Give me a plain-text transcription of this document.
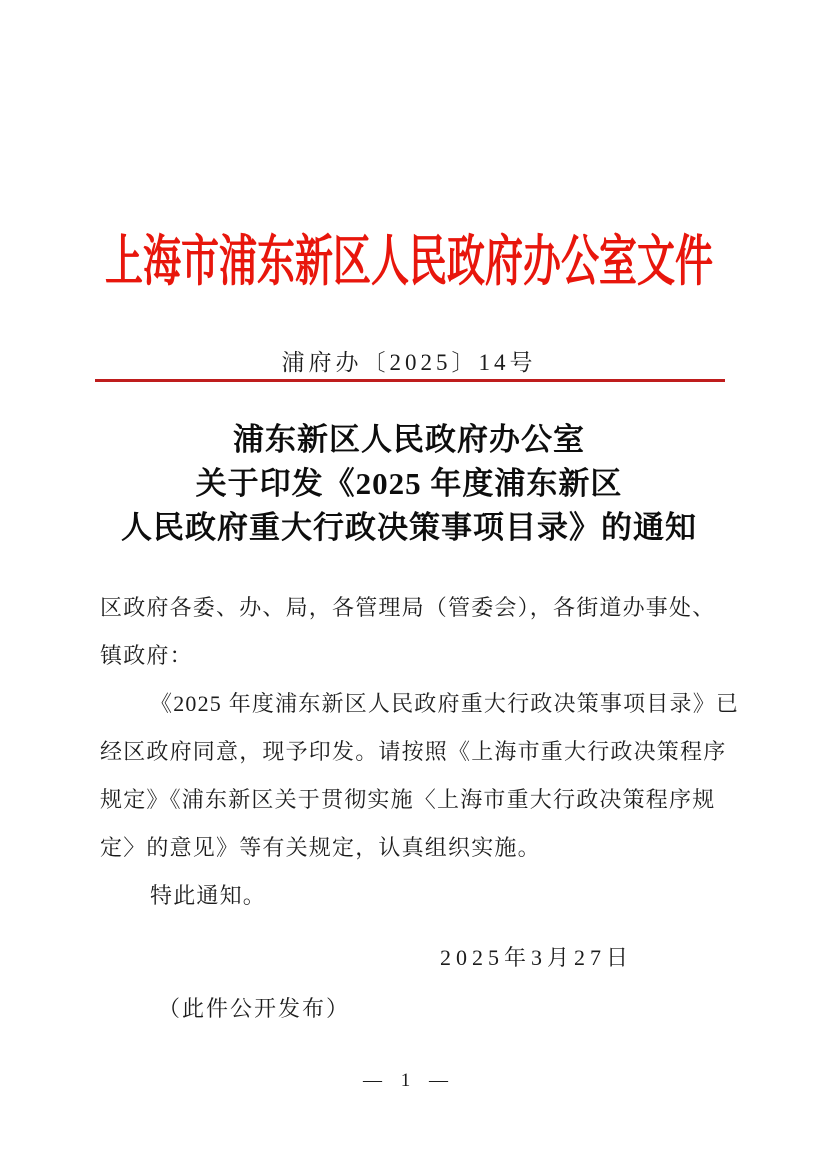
上海市浦东新区人民政府办公室文件
浦府办〔2025〕14号
浦东新区人民政府办公室
关于印发《2025 年度浦东新区
人民政府重大行政决策事项目录》的通知
区政府各委、办、局，各管理局（管委会），各街道办事处、
镇政府：
《2025 年度浦东新区人民政府重大行政决策事项目录》已
经区政府同意，现予印发。请按照《上海市重大行政决策程序
规定》《浦东新区关于贯彻实施〈上海市重大行政决策程序规
定〉的意见》等有关规定，认真组织实施。
特此通知。
2025年3月27日
（此件公开发布）
— 1 —
